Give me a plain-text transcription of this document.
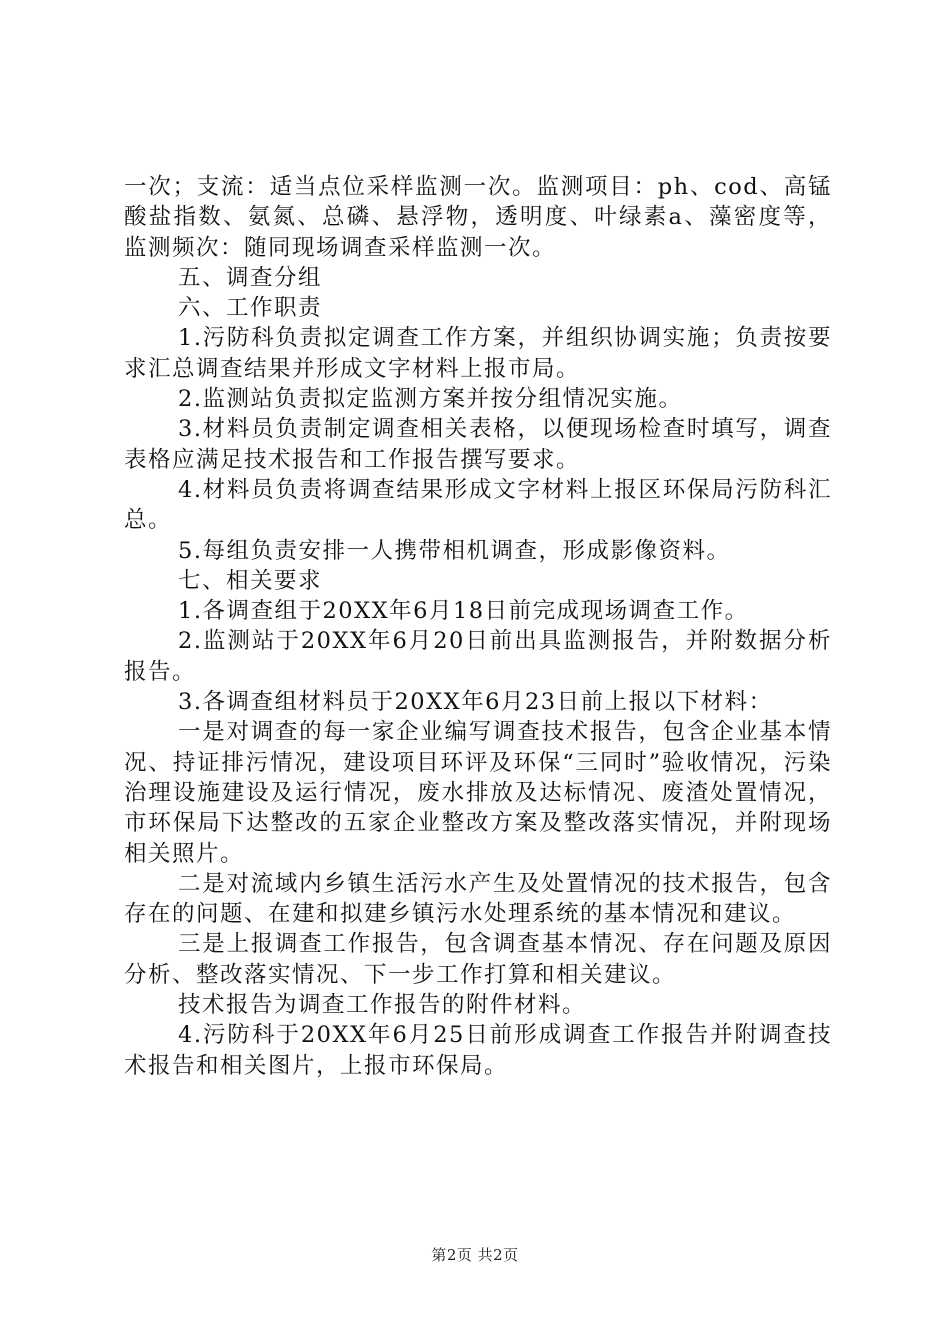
一次；支流：适当点位采样监测一次。监测项目：ph、cod、高锰酸盐指数、氨氮、总磷、悬浮物，透明度、叶绿素a、藻密度等，监测频次：随同现场调查采样监测一次。

五、调查分组

六、工作职责

1.污防科负责拟定调查工作方案，并组织协调实施；负责按要求汇总调查结果并形成文字材料上报市局。

2.监测站负责拟定监测方案并按分组情况实施。

3.材料员负责制定调查相关表格，以便现场检查时填写，调查表格应满足技术报告和工作报告撰写要求。

4.材料员负责将调查结果形成文字材料上报区环保局污防科汇总。

5.每组负责安排一人携带相机调查，形成影像资料。

七、相关要求

1.各调查组于20XX年6月18日前完成现场调查工作。

2.监测站于20XX年6月20日前出具监测报告，并附数据分析报告。

3.各调查组材料员于20XX年6月23日前上报以下材料：

一是对调查的每一家企业编写调查技术报告，包含企业基本情况、持证排污情况，建设项目环评及环保“三同时”验收情况，污染治理设施建设及运行情况，废水排放及达标情况、废渣处置情况，市环保局下达整改的五家企业整改方案及整改落实情况，并附现场相关照片。

二是对流域内乡镇生活污水产生及处置情况的技术报告，包含存在的问题、在建和拟建乡镇污水处理系统的基本情况和建议。

三是上报调查工作报告，包含调查基本情况、存在问题及原因分析、整改落实情况、下一步工作打算和相关建议。

技术报告为调查工作报告的附件材料。

4.污防科于20XX年6月25日前形成调查工作报告并附调查技术报告和相关图片，上报市环保局。

第2页 共2页
